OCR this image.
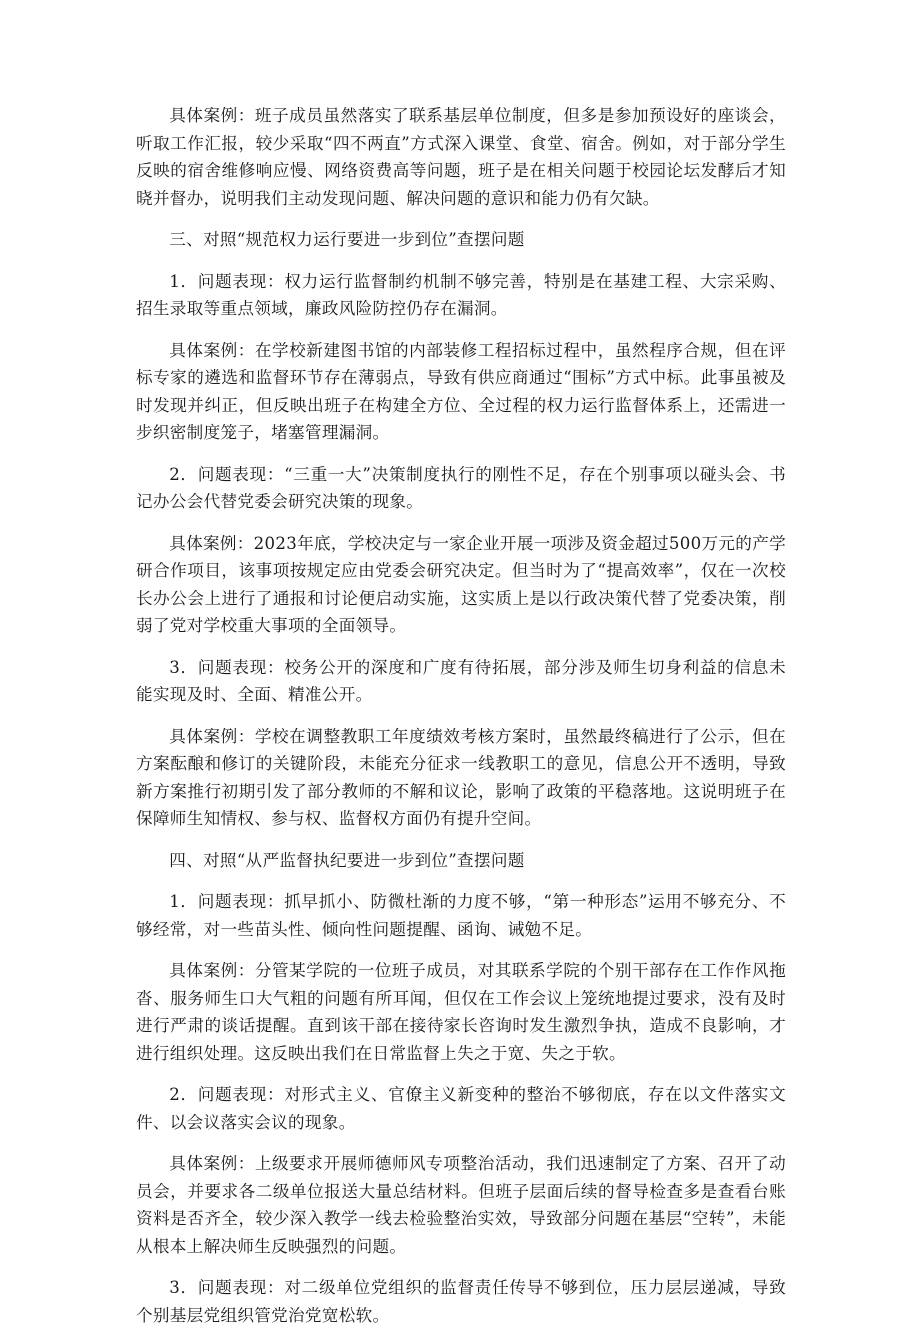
具体案例：班子成员虽然落实了联系基层单位制度，但多是参加预设好的座谈会，听取工作汇报，较少采取“四不两直”方式深入课堂、食堂、宿舍。例如，对于部分学生反映的宿舍维修响应慢、网络资费高等问题，班子是在相关问题于校园论坛发酵后才知晓并督办，说明我们主动发现问题、解决问题的意识和能力仍有欠缺。

三、对照“规范权力运行要进一步到位”查摆问题

1．问题表现：权力运行监督制约机制不够完善，特别是在基建工程、大宗采购、招生录取等重点领域，廉政风险防控仍存在漏洞。

具体案例：在学校新建图书馆的内部装修工程招标过程中，虽然程序合规，但在评标专家的遴选和监督环节存在薄弱点，导致有供应商通过“围标”方式中标。此事虽被及时发现并纠正，但反映出班子在构建全方位、全过程的权力运行监督体系上，还需进一步织密制度笼子，堵塞管理漏洞。

2．问题表现：“三重一大”决策制度执行的刚性不足，存在个别事项以碰头会、书记办公会代替党委会研究决策的现象。

具体案例：2023年底，学校决定与一家企业开展一项涉及资金超过500万元的产学研合作项目，该事项按规定应由党委会研究决定。但当时为了“提高效率”，仅在一次校长办公会上进行了通报和讨论便启动实施，这实质上是以行政决策代替了党委决策，削弱了党对学校重大事项的全面领导。

3．问题表现：校务公开的深度和广度有待拓展，部分涉及师生切身利益的信息未能实现及时、全面、精准公开。

具体案例：学校在调整教职工年度绩效考核方案时，虽然最终稿进行了公示，但在方案酝酿和修订的关键阶段，未能充分征求一线教职工的意见，信息公开不透明，导致新方案推行初期引发了部分教师的不解和议论，影响了政策的平稳落地。这说明班子在保障师生知情权、参与权、监督权方面仍有提升空间。

四、对照“从严监督执纪要进一步到位”查摆问题

1．问题表现：抓早抓小、防微杜渐的力度不够，“第一种形态”运用不够充分、不够经常，对一些苗头性、倾向性问题提醒、函询、诫勉不足。

具体案例：分管某学院的一位班子成员，对其联系学院的个别干部存在工作作风拖沓、服务师生口大气粗的问题有所耳闻，但仅在工作会议上笼统地提过要求，没有及时进行严肃的谈话提醒。直到该干部在接待家长咨询时发生激烈争执，造成不良影响，才进行组织处理。这反映出我们在日常监督上失之于宽、失之于软。

2．问题表现：对形式主义、官僚主义新变种的整治不够彻底，存在以文件落实文件、以会议落实会议的现象。

具体案例：上级要求开展师德师风专项整治活动，我们迅速制定了方案、召开了动员会，并要求各二级单位报送大量总结材料。但班子层面后续的督导检查多是查看台账资料是否齐全，较少深入教学一线去检验整治实效，导致部分问题在基层“空转”，未能从根本上解决师生反映强烈的问题。

3．问题表现：对二级单位党组织的监督责任传导不够到位，压力层层递减，导致个别基层党组织管党治党宽松软。
